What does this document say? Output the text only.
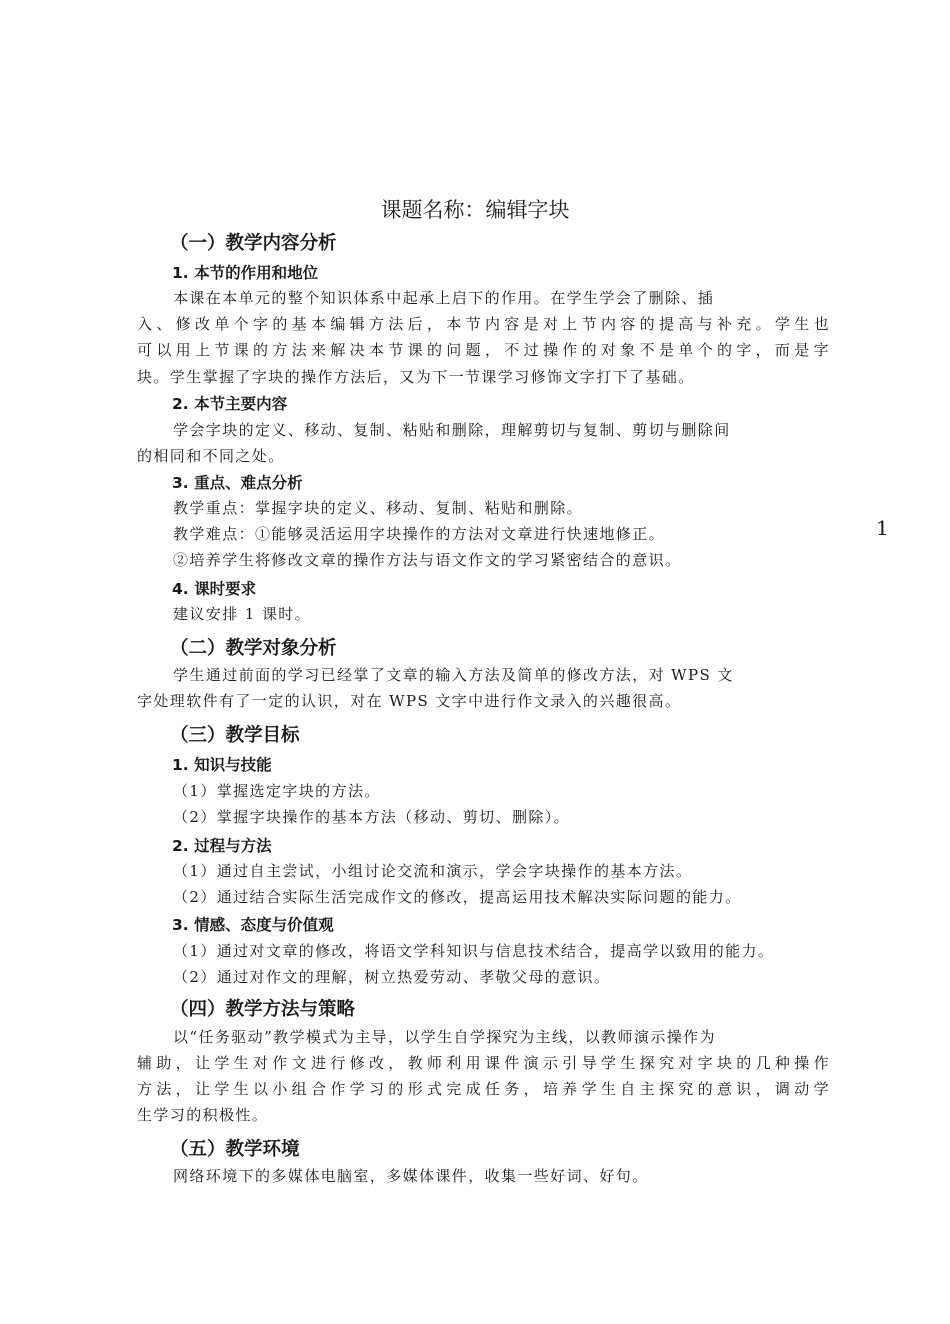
课题名称：编辑字块
1
（一）教学内容分析
1. 本节的作用和地位
本课在本单元的整个知识体系中起承上启下的作用。在学生学会了删除、插
入、修改单个字的基本编辑方法后，本节内容是对上节内容的提高与补充。学生也
可以用上节课的方法来解决本节课的问题，不过操作的对象不是单个的字，而是字
块。学生掌握了字块的操作方法后，又为下一节课学习修饰文字打下了基础。
2. 本节主要内容
学会字块的定义、移动、复制、粘贴和删除，理解剪切与复制、剪切与删除间
的相同和不同之处。
3. 重点、难点分析
教学重点：掌握字块的定义、移动、复制、粘贴和删除。
教学难点：①能够灵活运用字块操作的方法对文章进行快速地修正。
②培养学生将修改文章的操作方法与语文作文的学习紧密结合的意识。
4. 课时要求
建议安排 1 课时。
（二）教学对象分析
学生通过前面的学习已经掌了文章的输入方法及简单的修改方法，对 WPS 文
字处理软件有了一定的认识，对在 WPS 文字中进行作文录入的兴趣很高。
（三）教学目标
1. 知识与技能
（1）掌握选定字块的方法。
（2）掌握字块操作的基本方法（移动、剪切、删除）。
2. 过程与方法
（1）通过自主尝试，小组讨论交流和演示，学会字块操作的基本方法。
（2）通过结合实际生活完成作文的修改，提高运用技术解决实际问题的能力。
3. 情感、态度与价值观
（1）通过对文章的修改，将语文学科知识与信息技术结合，提高学以致用的能力。
（2）通过对作文的理解，树立热爱劳动、孝敬父母的意识。
（四）教学方法与策略
以“任务驱动”教学模式为主导，以学生自学探究为主线，以教师演示操作为
辅助，让学生对作文进行修改，教师利用课件演示引导学生探究对字块的几种操作
方法，让学生以小组合作学习的形式完成任务，培养学生自主探究的意识，调动学
生学习的积极性。
（五）教学环境
网络环境下的多媒体电脑室，多媒体课件，收集一些好词、好句。
